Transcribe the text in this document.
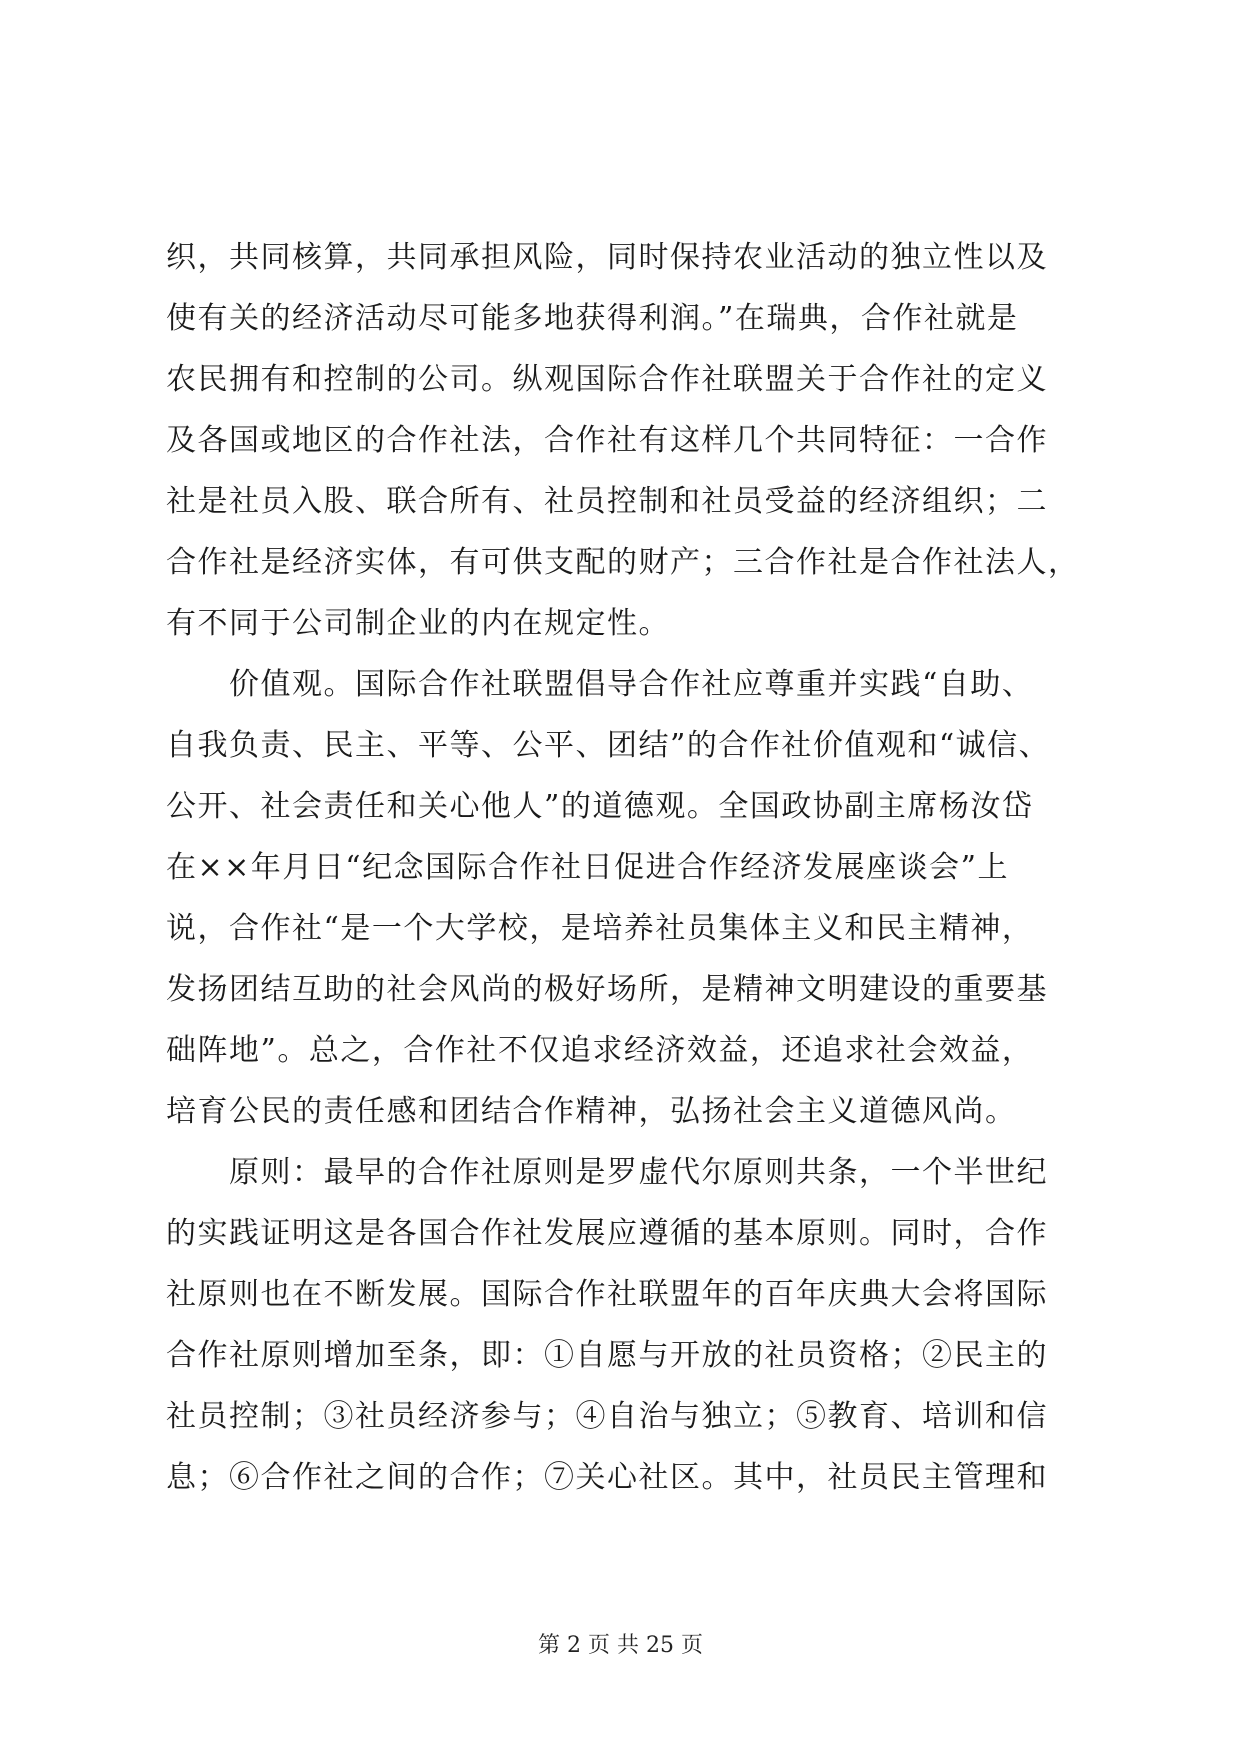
织，共同核算，共同承担风险，同时保持农业活动的独立性以及
使有关的经济活动尽可能多地获得利润。”在瑞典，合作社就是
农民拥有和控制的公司。纵观国际合作社联盟关于合作社的定义
及各国或地区的合作社法，合作社有这样几个共同特征：一合作
社是社员入股、联合所有、社员控制和社员受益的经济组织；二
合作社是经济实体，有可供支配的财产；三合作社是合作社法人，
有不同于公司制企业的内在规定性。
　　价值观。国际合作社联盟倡导合作社应尊重并实践“自助、
自我负责、民主、平等、公平、团结”的合作社价值观和“诚信、
公开、社会责任和关心他人”的道德观。全国政协副主席杨汝岱
在××年月日“纪念国际合作社日促进合作经济发展座谈会”上
说，合作社“是一个大学校，是培养社员集体主义和民主精神，
发扬团结互助的社会风尚的极好场所，是精神文明建设的重要基
础阵地”。总之，合作社不仅追求经济效益，还追求社会效益，
培育公民的责任感和团结合作精神，弘扬社会主义道德风尚。
　　原则：最早的合作社原则是罗虚代尔原则共条，一个半世纪
的实践证明这是各国合作社发展应遵循的基本原则。同时，合作
社原则也在不断发展。国际合作社联盟年的百年庆典大会将国际
合作社原则增加至条，即：①自愿与开放的社员资格；②民主的
社员控制；③社员经济参与；④自治与独立；⑤教育、培训和信
息；⑥合作社之间的合作；⑦关心社区。其中，社员民主管理和
第 2 页 共 25 页
